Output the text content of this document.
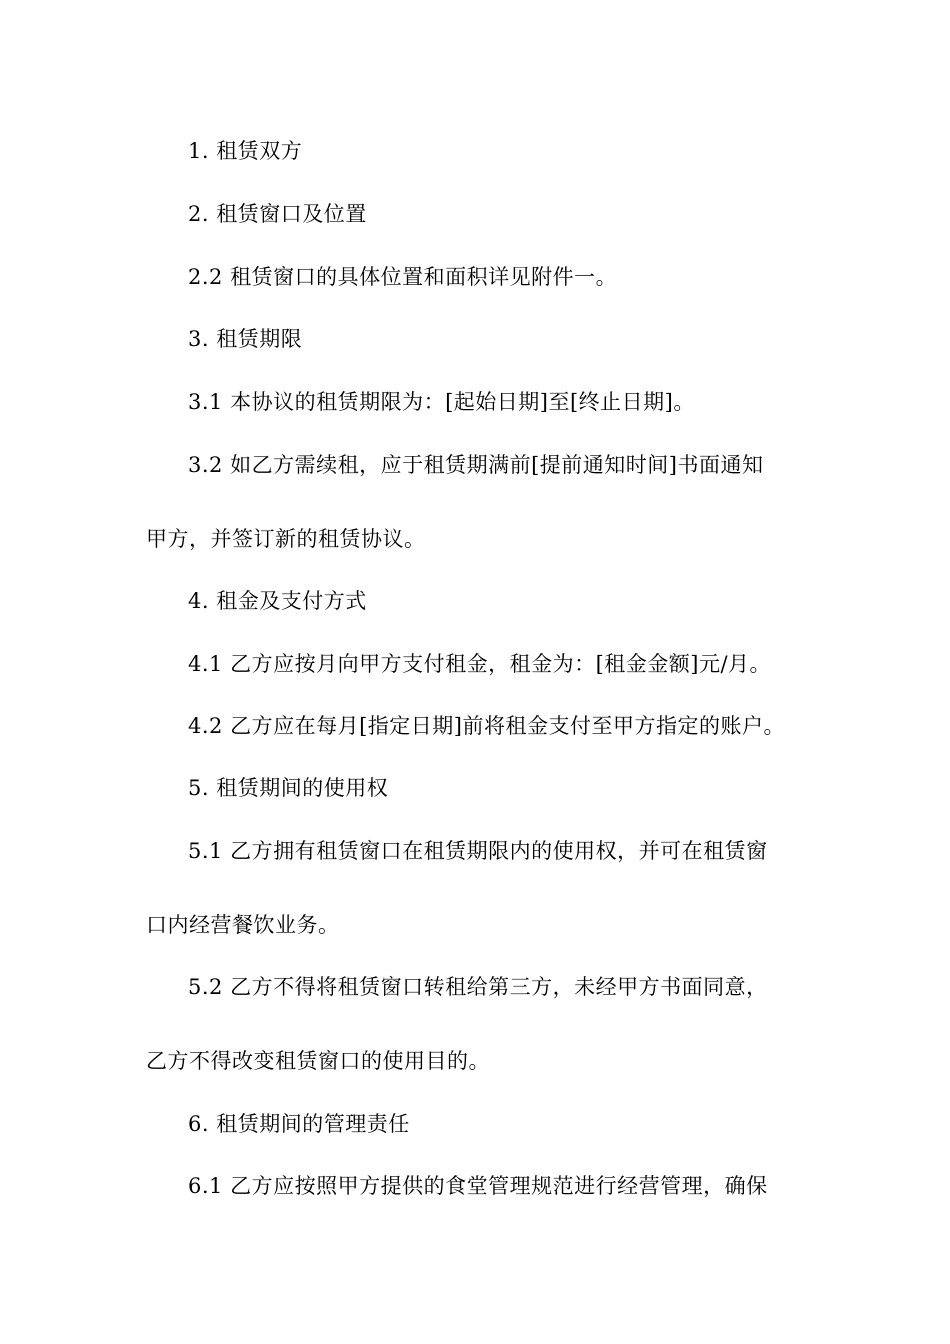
1. 租赁双方
2. 租赁窗口及位置
2.2 租赁窗口的具体位置和面积详见附件一。
3. 租赁期限
3.1 本协议的租赁期限为：[起始日期]至[终止日期]。
3.2 如乙方需续租，应于租赁期满前[提前通知时间]书面通知
甲方，并签订新的租赁协议。
4. 租金及支付方式
4.1 乙方应按月向甲方支付租金，租金为：[租金金额]元/月。
4.2 乙方应在每月[指定日期]前将租金支付至甲方指定的账户。
5. 租赁期间的使用权
5.1 乙方拥有租赁窗口在租赁期限内的使用权，并可在租赁窗
口内经营餐饮业务。
5.2 乙方不得将租赁窗口转租给第三方，未经甲方书面同意，
乙方不得改变租赁窗口的使用目的。
6. 租赁期间的管理责任
6.1 乙方应按照甲方提供的食堂管理规范进行经营管理，确保
